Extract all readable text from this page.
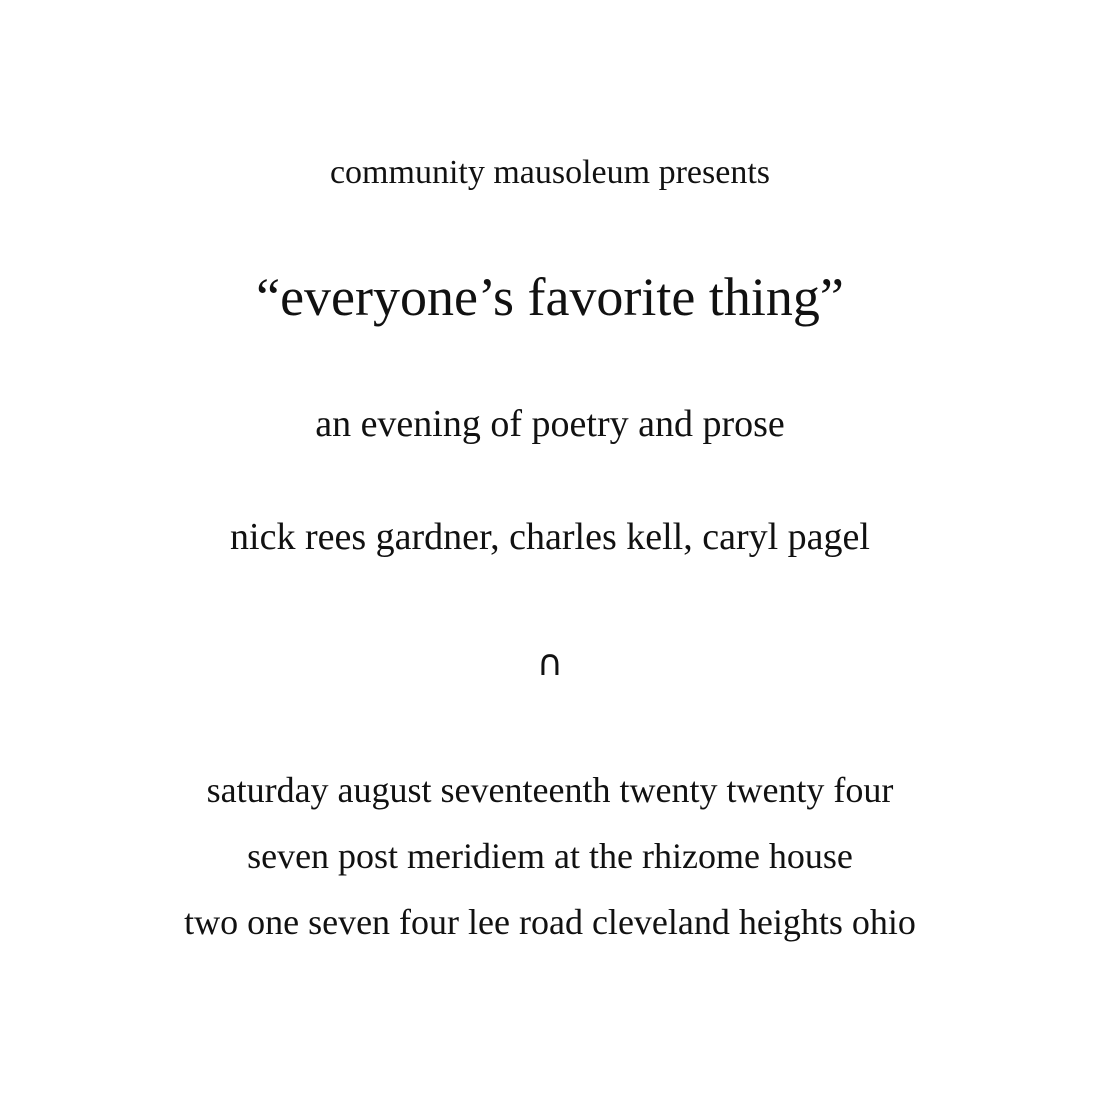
community mausoleum presents
“everyone’s favorite thing”
an evening of poetry and prose
nick rees gardner, charles kell, caryl pagel
∩
saturday august seventeenth twenty twenty four
seven post meridiem at the rhizome house
two one seven four lee road cleveland heights ohio
